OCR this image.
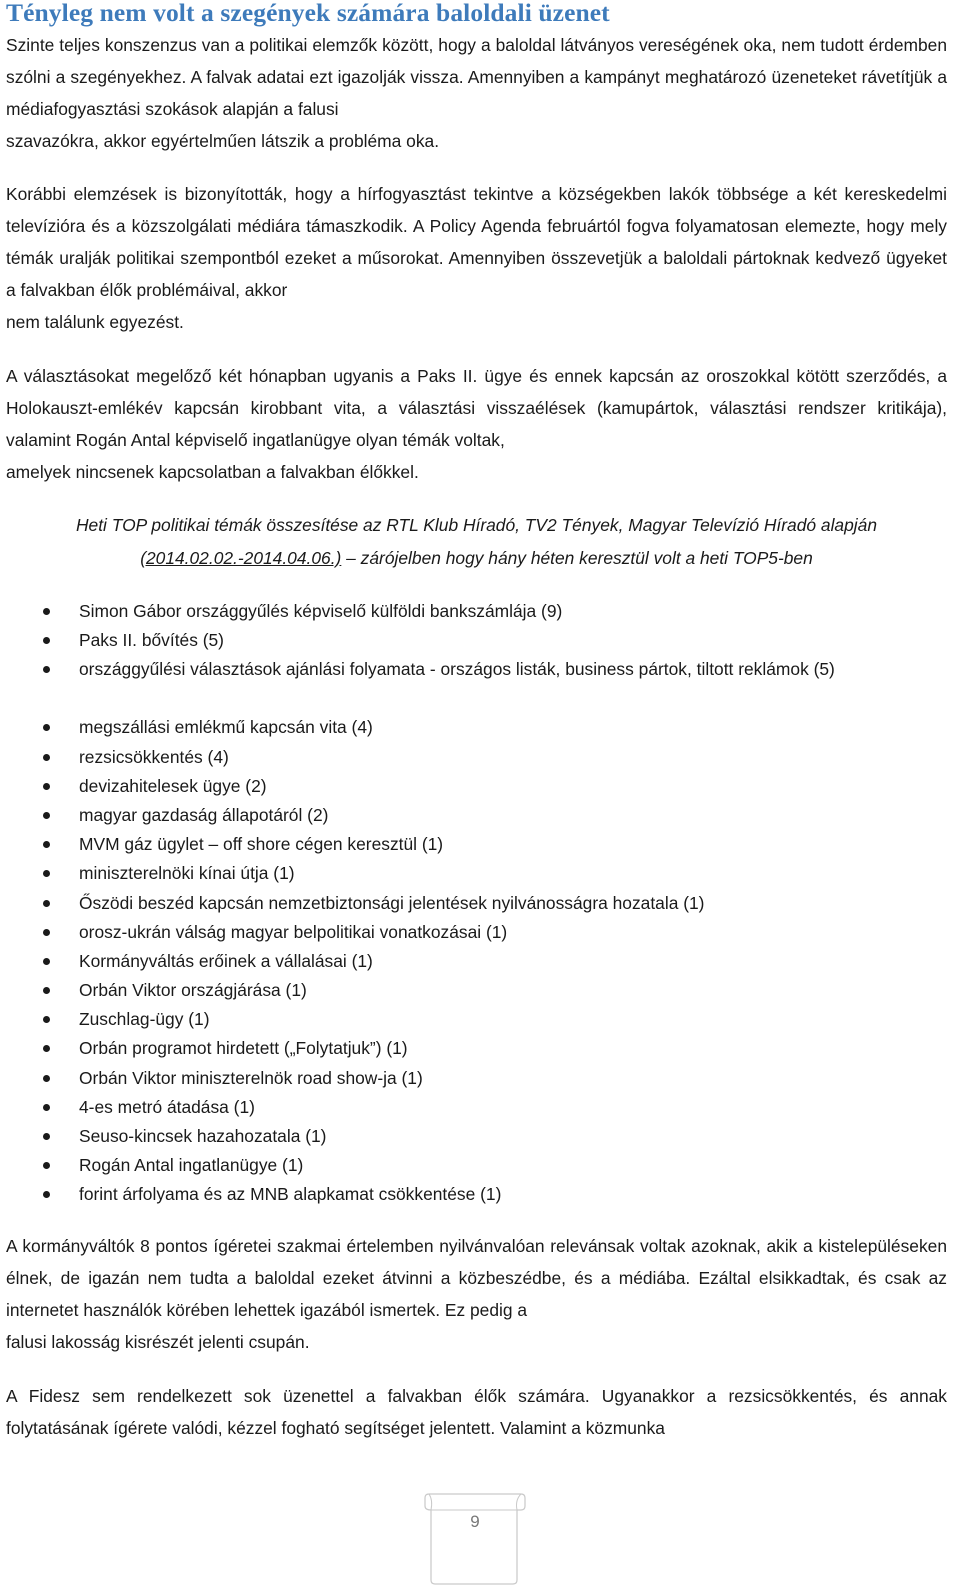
Tényleg nem volt a szegények számára baloldali üzenet

Szinte teljes konszenzus van a politikai elemzők között, hogy a baloldal látványos vereségének oka, nem tudott érdemben szólni a szegényekhez. A falvak adatai ezt igazolják vissza. Amennyiben a kampányt meghatározó üzeneteket rávetítjük a médiafogyasztási szokások alapján a falusi
szavazókra, akkor egyértelműen látszik a probléma oka.

Korábbi elemzések is bizonyították, hogy a hírfogyasztást tekintve a községekben lakók többsége a két kereskedelmi televízióra és a közszolgálati médiára támaszkodik. A Policy Agenda februártól fogva folyamatosan elemezte, hogy mely témák uralják politikai szempontból ezeket a műsorokat. Amennyiben összevetjük a baloldali pártoknak kedvező ügyeket a falvakban élők problémáival, akkor
nem találunk egyezést.

A választásokat megelőző két hónapban ugyanis a Paks II. ügye és ennek kapcsán az oroszokkal kötött szerződés, a Holokauszt-emlékév kapcsán kirobbant vita, a választási visszaélések (kamupártok, választási rendszer kritikája), valamint Rogán Antal képviselő ingatlanügye olyan témák voltak,
amelyek nincsenek kapcsolatban a falvakban élőkkel.

Heti TOP politikai témák összesítése az RTL Klub Híradó, TV2 Tények, Magyar Televízió Híradó alapján
(2014.02.02.-2014.04.06.) – zárójelben hogy hány héten keresztül volt a heti TOP5-ben

Simon Gábor országgyűlés képviselő külföldi bankszámlája (9)
Paks II. bővítés (5)
országgyűlési választások ajánlási folyamata - országos listák, business pártok, tiltott reklámok (5)
megszállási emlékmű kapcsán vita (4)
rezsicsökkentés (4)
devizahitelesek ügye (2)
magyar gazdaság állapotáról (2)
MVM gáz ügylet – off shore cégen keresztül (1)
miniszterelnöki kínai útja (1)
Őszödi beszéd kapcsán nemzetbiztonsági jelentések nyilvánosságra hozatala (1)
orosz-ukrán válság magyar belpolitikai vonatkozásai (1)
Kormányváltás erőinek a vállalásai (1)
Orbán Viktor országjárása (1)
Zuschlag-ügy (1)
Orbán programot hirdetett („Folytatjuk”) (1)
Orbán Viktor miniszterelnök road show-ja (1)
4-es metró átadása (1)
Seuso-kincsek hazahozatala (1)
Rogán Antal ingatlanügye (1)
forint árfolyama és az MNB alapkamat csökkentése (1)

A kormányváltók 8 pontos ígéretei szakmai értelemben nyilvánvalóan relevánsak voltak azoknak, akik a kistelepüléseken élnek, de igazán nem tudta a baloldal ezeket átvinni a közbeszédbe, és a médiába. Ezáltal elsikkadtak, és csak az internetet használók körében lehettek igazából ismertek. Ez pedig a
falusi lakosság kisrészét jelenti csupán.

A Fidesz sem rendelkezett sok üzenettel a falvakban élők számára. Ugyanakkor a rezsicsökkentés, és annak folytatásának ígérete valódi, kézzel fogható segítséget jelentett. Valamint a közmunka

9
